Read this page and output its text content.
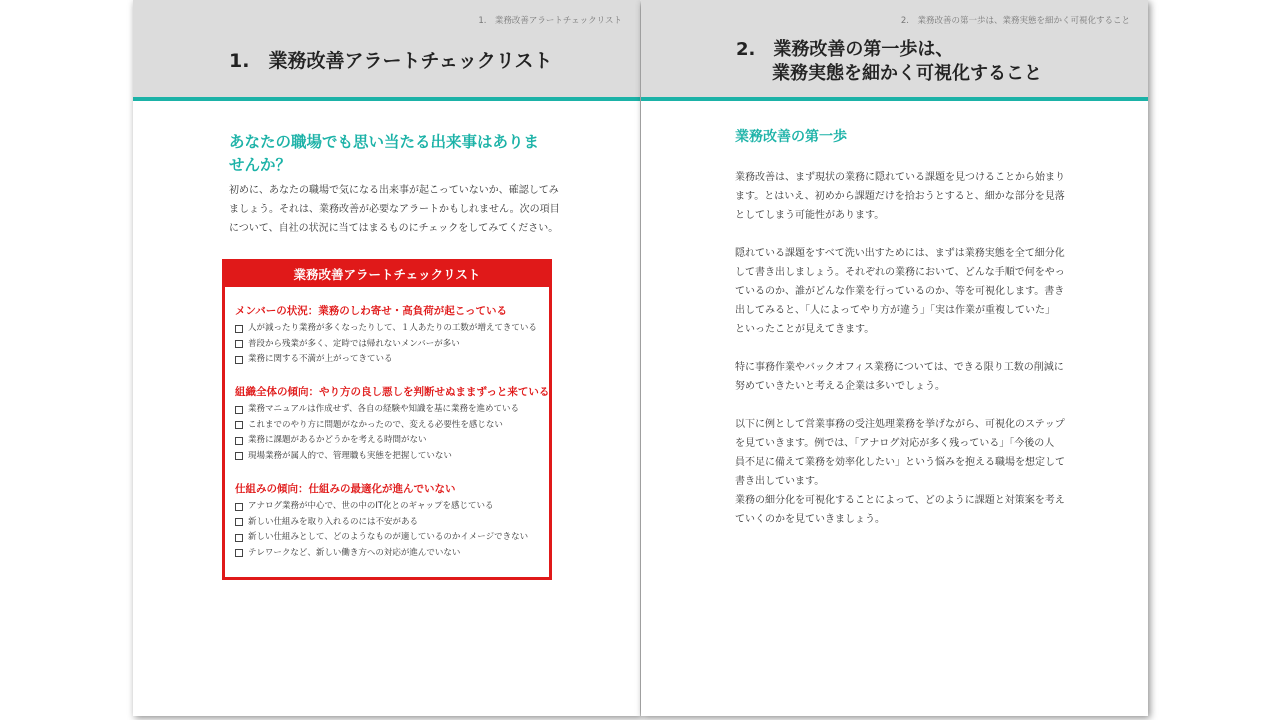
1.　業務改善アラートチェックリスト
1.　業務改善アラートチェックリスト
あなたの職場でも思い当たる出来事はありま
せんか？

初めに、あなたの職場で気になる出来事が起こっていないか、確認してみ

ましょう。それは、業務改善が必要なアラートかもしれません。次の項目

について、自社の状況に当てはまるものにチェックをしてみてください。

業務改善アラートチェックリスト
メンバーの状況：業務のしわ寄せ・高負荷が起こっている
人が減ったり業務が多くなったりして、１人あたりの工数が増えてきている
普段から残業が多く、定時では帰れないメンバーが多い
業務に関する不満が上がってきている
組織全体の傾向：やり方の良し悪しを判断せぬままずっと来ている
業務マニュアルは作成せず、各自の経験や知識を基に業務を進めている
これまでのやり方に問題がなかったので、変える必要性を感じない
業務に課題があるかどうかを考える時間がない
現場業務が属人的で、管理職も実態を把握していない
仕組みの傾向：仕組みの最適化が進んでいない
アナログ業務が中心で、世の中のIT化とのギャップを感じている
新しい仕組みを取り入れるのには不安がある
新しい仕組みとして、どのようなものが適しているのかイメージできない
テレワークなど、新しい働き方への対応が進んでいない
2.　業務改善の第一歩は、業務実態を細かく可視化すること
2.　業務改善の第一歩は、
業務実態を細かく可視化すること
業務改善の第一歩

業務改善は、まず現状の業務に隠れている課題を見つけることから始まり

ます。とはいえ、初めから課題だけを拾おうとすると、細かな部分を見落

としてしまう可能性があります。

隠れている課題をすべて洗い出すためには、まずは業務実態を全て細分化

して書き出しましょう。それぞれの業務において、どんな手順で何をやっ

ているのか、誰がどんな作業を行っているのか、等を可視化します。書き

出してみると、「人によってやり方が違う」「実は作業が重複していた」

といったことが見えてきます。

特に事務作業やバックオフィス業務については、できる限り工数の削減に

努めていきたいと考える企業は多いでしょう。

以下に例として営業事務の受注処理業務を挙げながら、可視化のステップ

を見ていきます。例では、「アナログ対応が多く残っている」「今後の人

員不足に備えて業務を効率化したい」という悩みを抱える職場を想定して

書き出しています。

業務の細分化を可視化することによって、どのように課題と対策案を考え

ていくのかを見ていきましょう。
